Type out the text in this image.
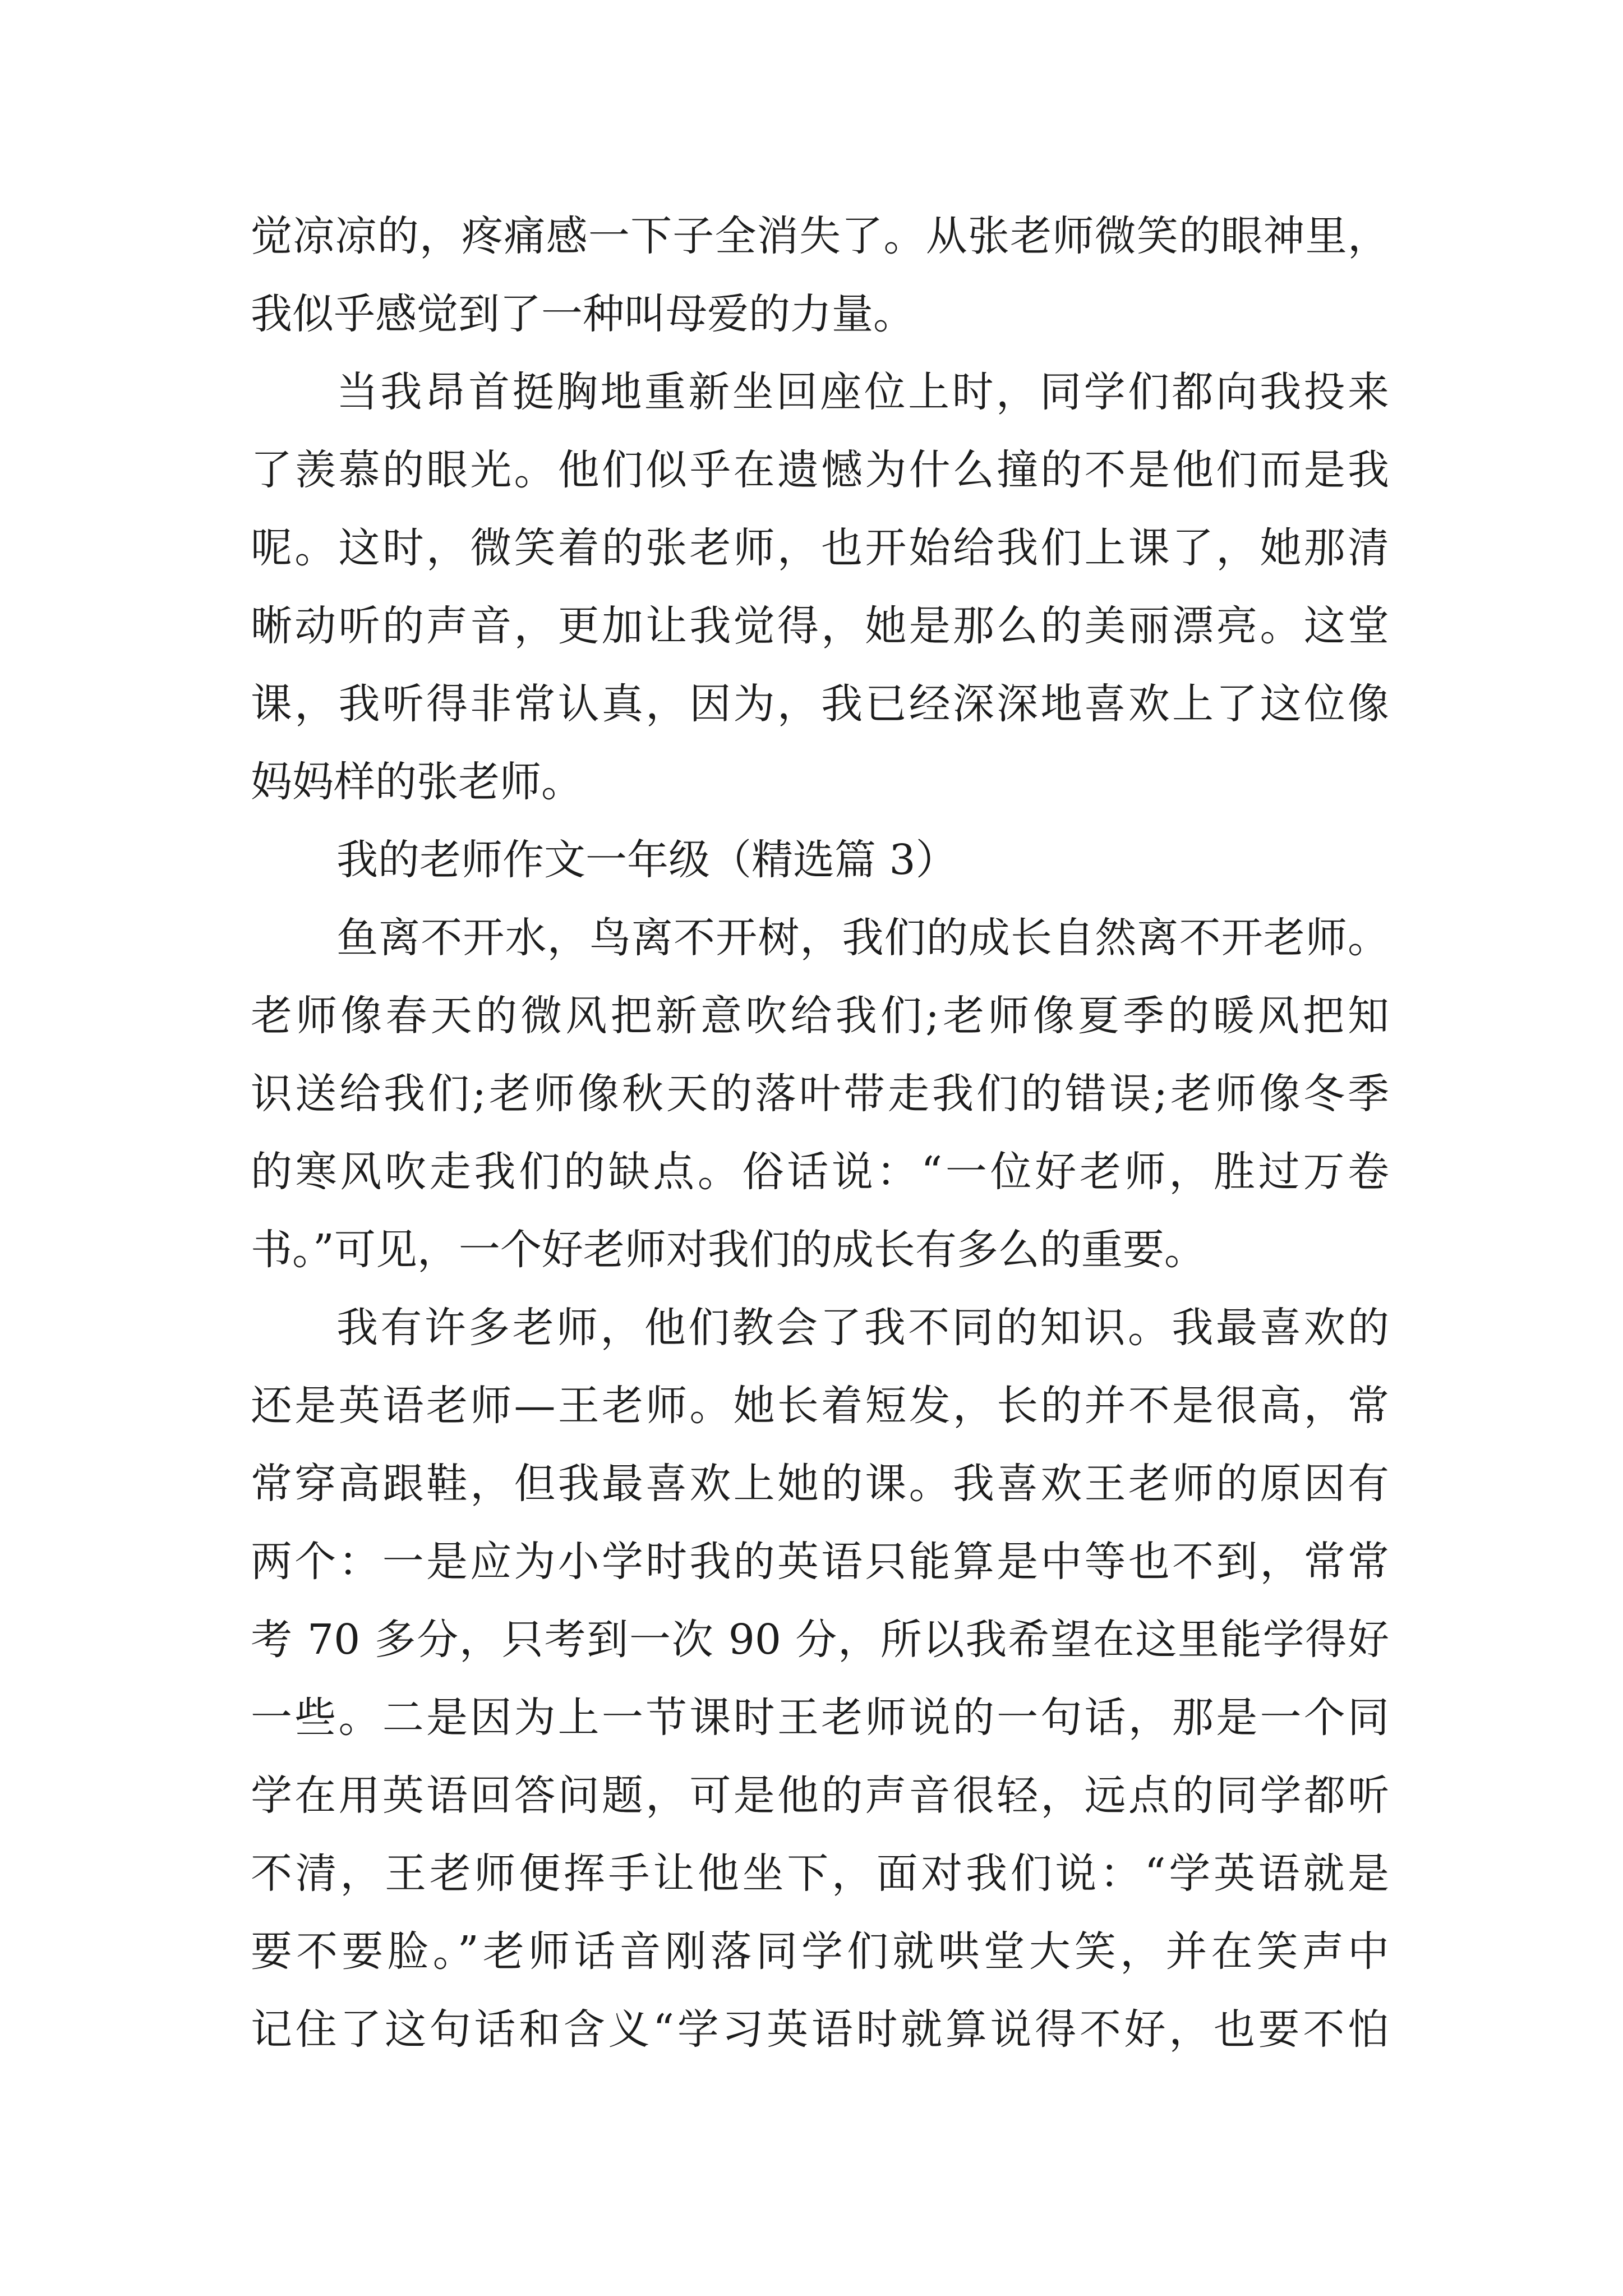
觉凉凉的，疼痛感一下子全消失了。从张老师微笑的眼神里，
我似乎感觉到了一种叫母爱的力量。
当我昂首挺胸地重新坐回座位上时，同学们都向我投来
了羡慕的眼光。他们似乎在遗憾为什么撞的不是他们而是我
呢。这时，微笑着的张老师，也开始给我们上课了，她那清
晰动听的声音，更加让我觉得，她是那么的美丽漂亮。这堂
课，我听得非常认真，因为，我已经深深地喜欢上了这位像
妈妈样的张老师。
我的老师作文一年级（精选篇 3）
鱼离不开水，鸟离不开树，我们的成长自然离不开老师。
老师像春天的微风把新意吹给我们;老师像夏季的暖风把知
识送给我们;老师像秋天的落叶带走我们的错误;老师像冬季
的寒风吹走我们的缺点。俗话说：“一位好老师，胜过万卷
书。”可见，一个好老师对我们的成长有多么的重要。
我有许多老师，他们教会了我不同的知识。我最喜欢的
还是英语老师—王老师。她长着短发，长的并不是很高，常
常穿高跟鞋，但我最喜欢上她的课。我喜欢王老师的原因有
两个：一是应为小学时我的英语只能算是中等也不到，常常
考 70 多分，只考到一次 90 分，所以我希望在这里能学得好
一些。二是因为上一节课时王老师说的一句话，那是一个同
学在用英语回答问题，可是他的声音很轻，远点的同学都听
不清，王老师便挥手让他坐下，面对我们说：“学英语就是
要不要脸。”老师话音刚落同学们就哄堂大笑，并在笑声中
记住了这句话和含义“学习英语时就算说得不好，也要不怕
